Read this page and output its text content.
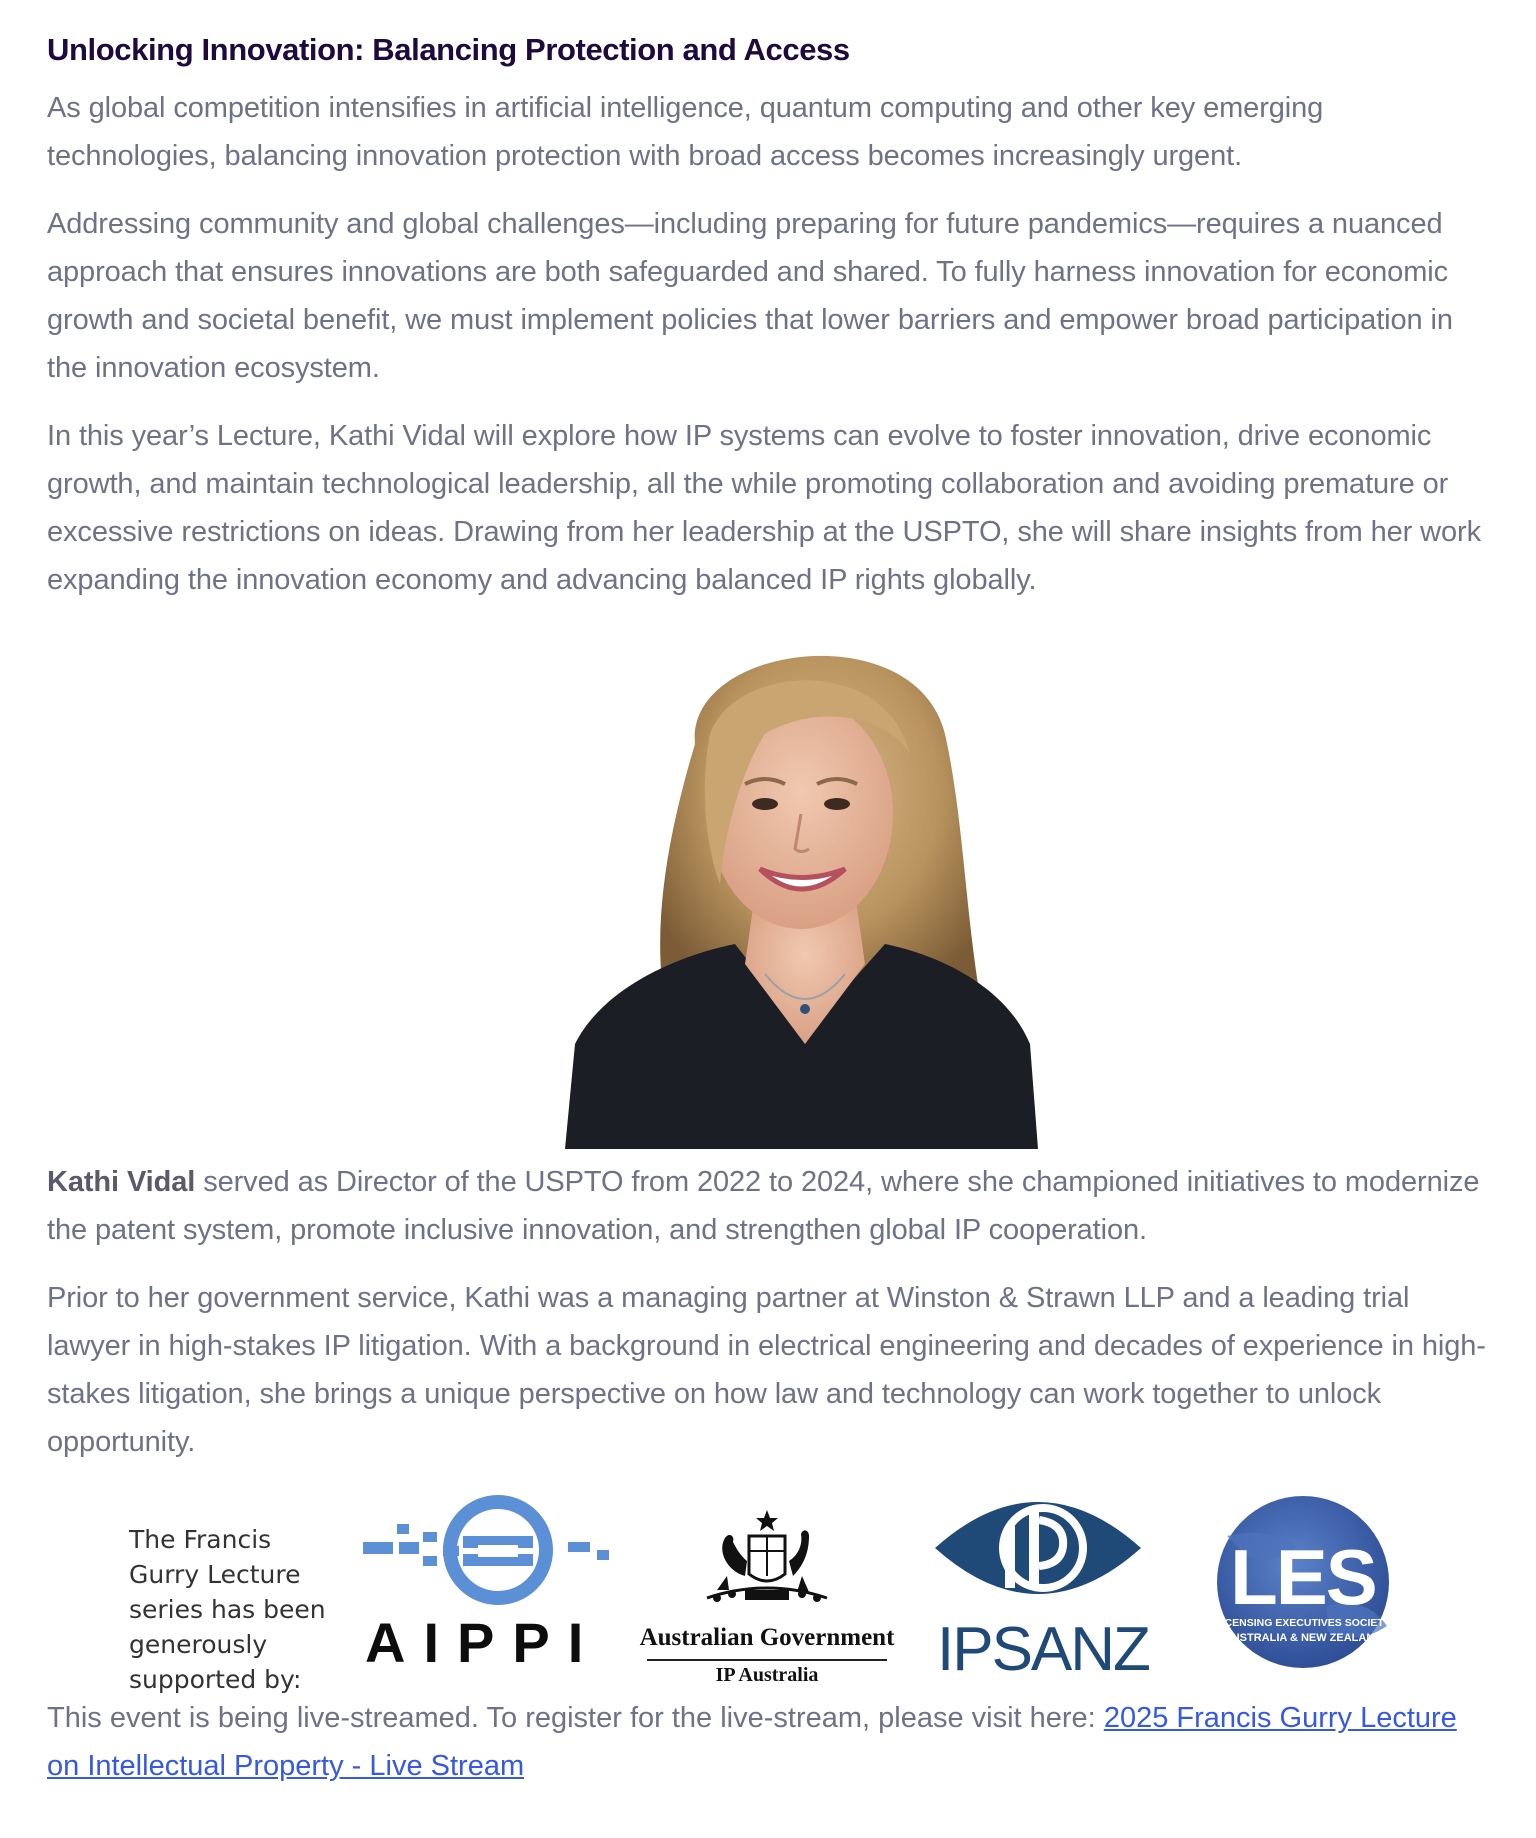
Unlocking Innovation: Balancing Protection and Access

As global competition intensifies in artificial intelligence, quantum computing and other key emerging technologies, balancing innovation protection with broad access becomes increasingly urgent.

Addressing community and global challenges—including preparing for future pandemics—requires a nuanced approach that ensures innovations are both safeguarded and shared. To fully harness innovation for economic growth and societal benefit, we must implement policies that lower barriers and empower broad participation in the innovation ecosystem.

In this year’s Lecture, Kathi Vidal will explore how IP systems can evolve to foster innovation, drive economic growth, and maintain technological leadership, all the while promoting collaboration and avoiding premature or excessive restrictions on ideas. Drawing from her leadership at the USPTO, she will share insights from her work expanding the innovation economy and advancing balanced IP rights globally.

Kathi Vidal served as Director of the USPTO from 2022 to 2024, where she championed initiatives to modernize the patent system, promote inclusive innovation, and strengthen global IP cooperation.

Prior to her government service, Kathi was a managing partner at Winston & Strawn LLP and a leading trial lawyer in high-stakes IP litigation. With a background in electrical engineering and decades of experience in high-stakes litigation, she brings a unique perspective on how law and technology can work together to unlock opportunity.

The Francis Gurry Lecture series has been generously supported by:
AIPPI Australian Government
IP Australia	IPSANZ
LES
LICENSING EXECUTIVES SOCIETY
AUSTRALIA & NEW ZEALAND

This event is being live-streamed. To register for the live-stream, please visit here: 2025 Francis Gurry Lecture on Intellectual Property - Live Stream
